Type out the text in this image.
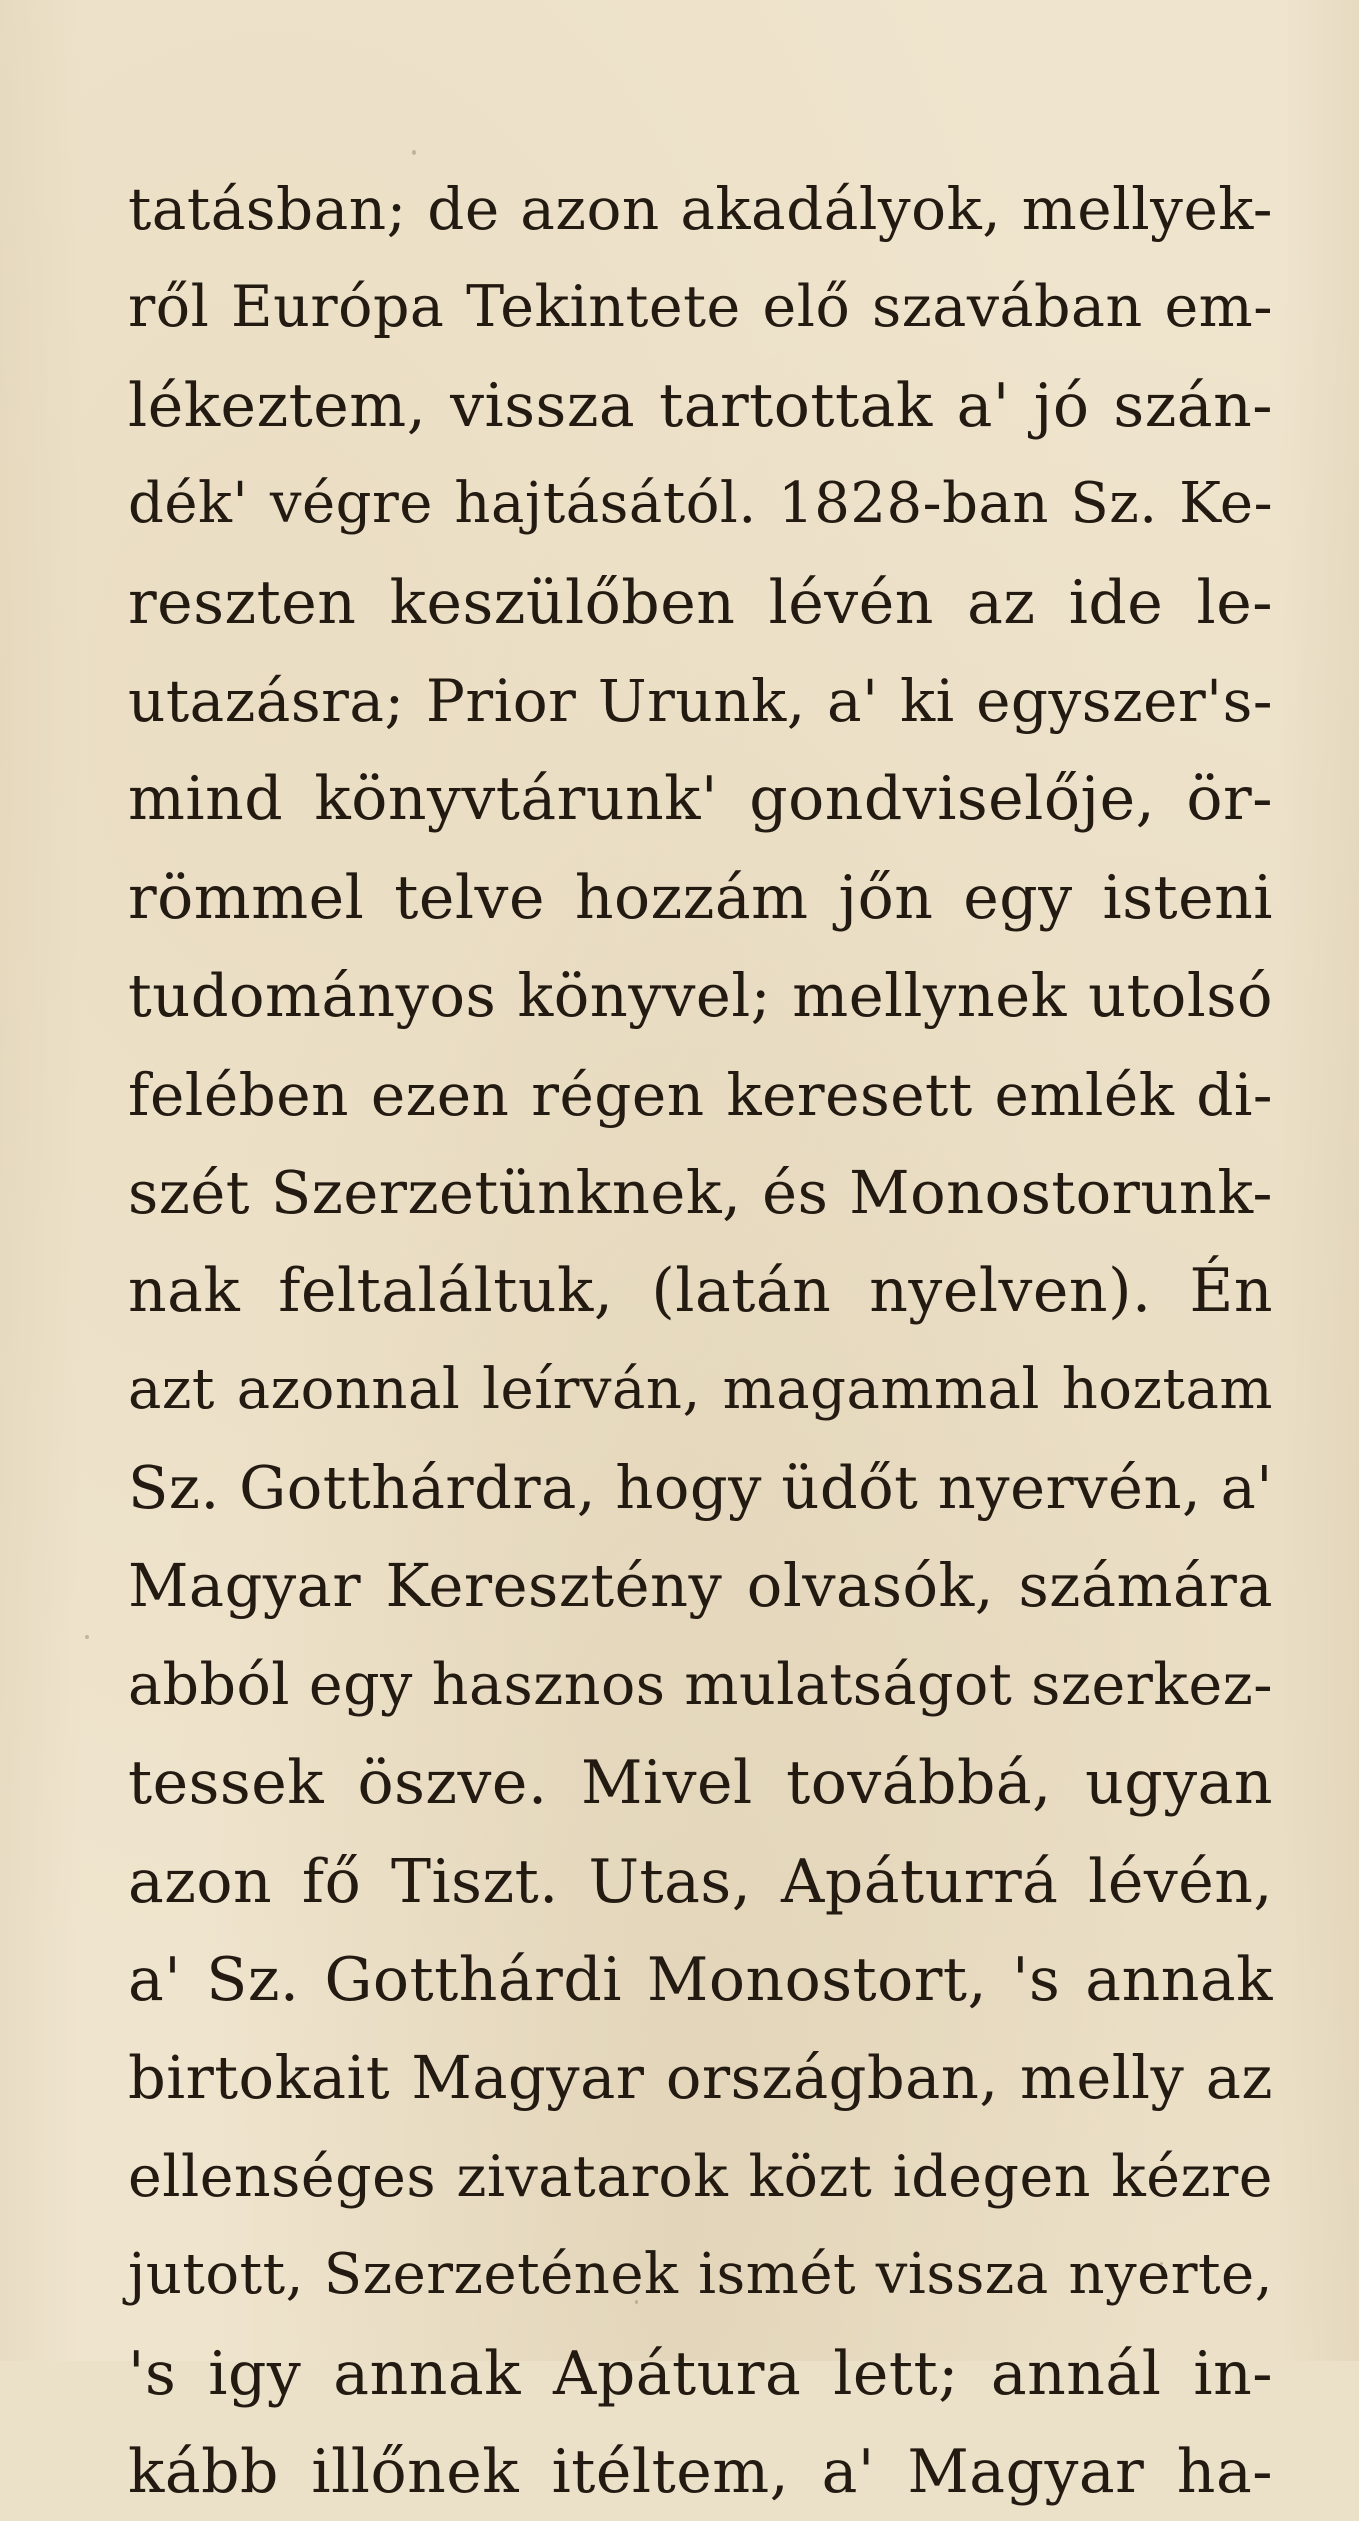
tatásban; de azon akadályok, mellyek-
ről Európa Tekintete elő szavában em-
lékeztem, vissza tartottak a' jó szán-
dék' végre hajtásától. 1828-ban Sz. Ke-
reszten keszülőben lévén az ide le-
utazásra; Prior Urunk, a' ki egyszer's-
mind könyvtárunk' gondviselője, ör-
römmel telve hozzám jőn egy isteni
tudományos könyvel; mellynek utolsó
felében ezen régen keresett emlék di-
szét Szerzetünknek, és Monostorunk-
nak feltaláltuk, (latán nyelven). Én
azt azonnal leírván, magammal hoztam
Sz. Gotthárdra, hogy üdőt nyervén, a'
Magyar Keresztény olvasók, számára
abból egy hasznos mulatságot szerkez-
tessek öszve. Mivel továbbá, ugyan
azon fő Tiszt. Utas, Apáturrá lévén,
a' Sz. Gotthárdi Monostort, 's annak
birtokait Magyar országban, melly az
ellenséges zivatarok közt idegen kézre
jutott, Szerzetének ismét vissza nyerte,
's igy annak Apátura lett; annál in-
kább illőnek itéltem, a' Magyar ha-
